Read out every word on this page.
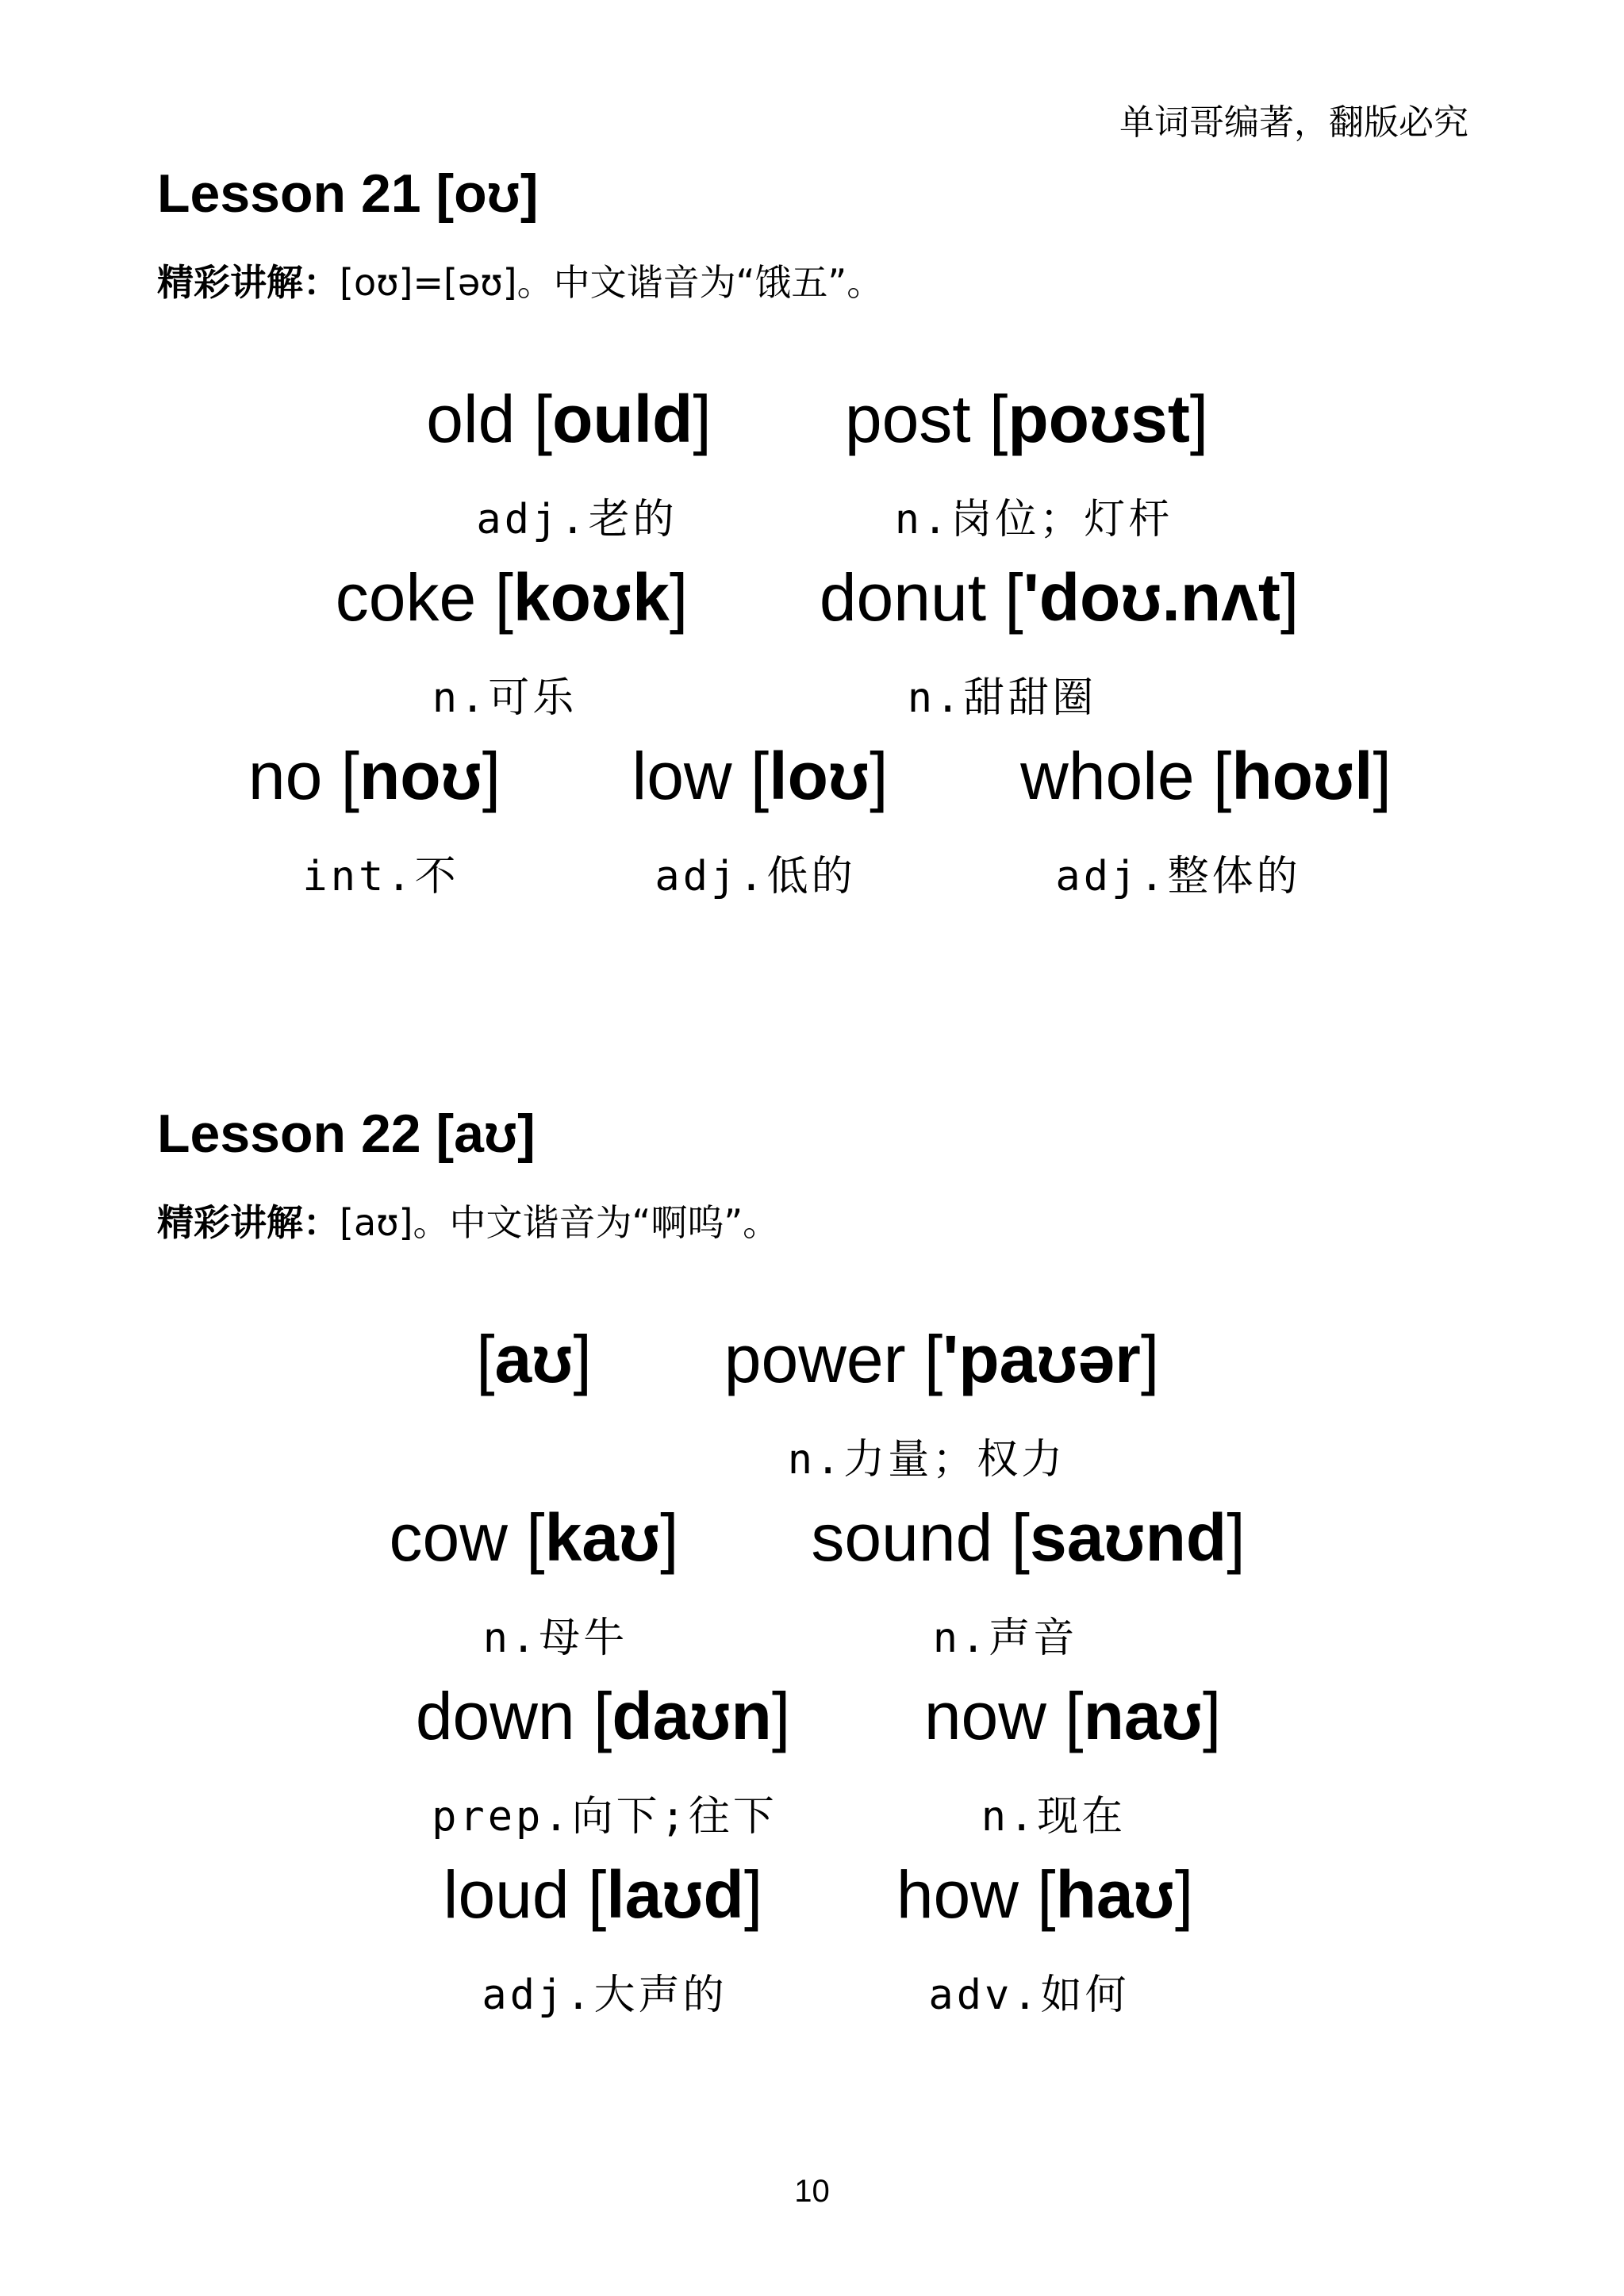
单词哥编著，翻版必究
Lesson 21 [oʊ]
精彩讲解：[oʊ]=[əʊ]。中文谐音为“饿五”。
old [ould]
adj.老的
post [poʊst]
n.岗位；灯杆
coke [koʊk]
n.可乐
donut ['doʊ.nʌt]
n.甜甜圈
no [noʊ]
int.不
low [loʊ]
adj.低的
whole [hoʊl]
adj.整体的
Lesson 22 [aʊ]
精彩讲解：[aʊ]。中文谐音为“啊呜”。
[aʊ] power ['paʊər]
n.力量；权力
cow [kaʊ]
n.母牛
sound [saʊnd]
n.声音
down [daʊn]
prep.向下;往下
now [naʊ]
n.现在
loud [laʊd]
adj.大声的
how [haʊ]
adv.如何
10
